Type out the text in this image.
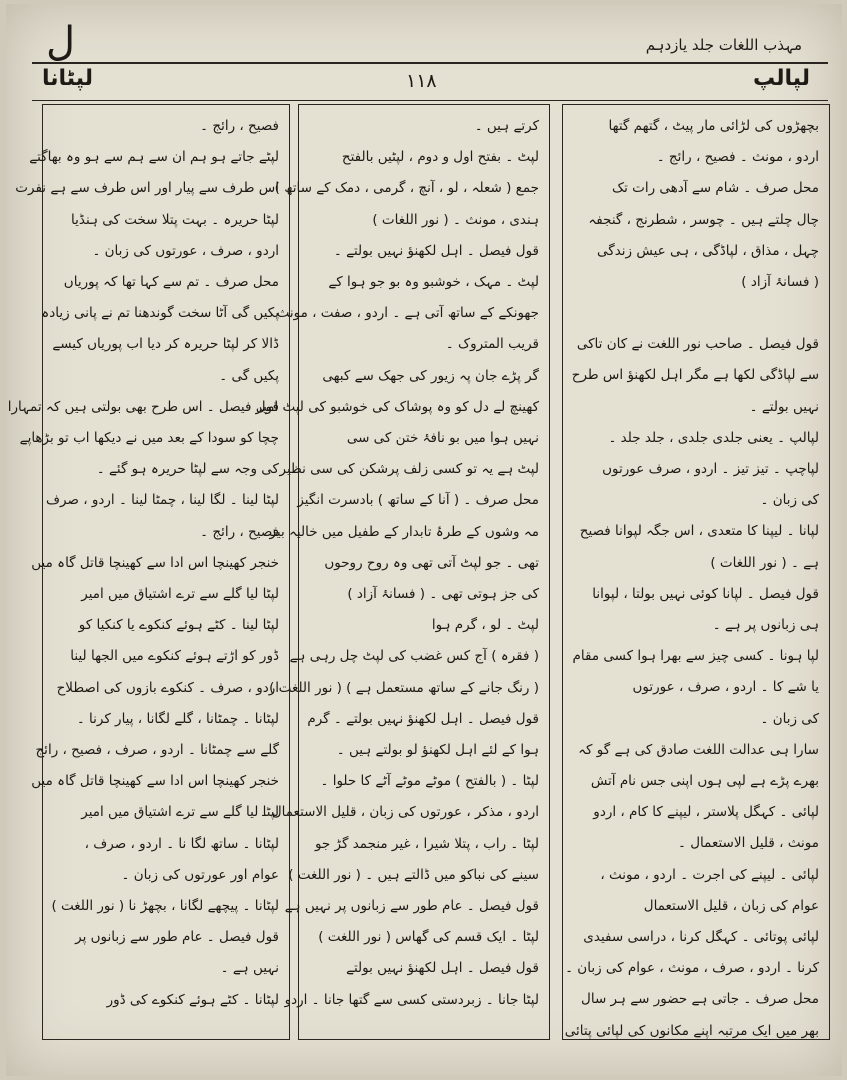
ل	مہذب اللغات جلد یازدہم
لپالپ
۱۱۸
لپٹانا
بچھڑوں کی لڑائی مار پیٹ ، گتھم گتھا
اردو ، مونث ۔ فصیح ، رائج ۔
محل صرف ۔ شام سے آدھی رات تک
چال چلتے ہیں ۔ چوسر ، شطرنج ، گنجفہ
چہل ، مذاق ، لپاڈگی ، ہی عیش زندگی
( فسانۂ آزاد )
قول فیصل ۔ صاحب نور اللغت نے کان تاکی
سے لپاڈگی لکھا ہے مگر اہل لکھنؤ اس طرح
نہیں بولتے ۔
لپالپ ۔ یعنی جلدی جلدی ، جلد جلد ۔
لپاچپ ۔ تیز تیز ۔ اردو ، صرف عورتوں
کی زبان ۔
لپانا ۔ لیپنا کا متعدی ، اس جگہ لپوانا فصیح
ہے ۔ ( نور اللغات )
قول فیصل ۔ لپانا کوئی نہیں بولتا ، لپوانا
ہی زبانوں پر ہے ۔
لپا ہونا ۔ کسی چیز سے بھرا ہوا کسی مقام
یا شے کا ۔ اردو ، صرف ، عورتوں
کی زبان ۔
سارا ہی عدالت اللغت صادق کی ہے گو کہ
بھرے پڑے ہے لپی ہوں اپنی جس نام آتش
لپائی ۔ کہگل پلاستر ، لیپنے کا کام ، اردو
مونث ، قلیل الاستعمال ۔
لپائی ۔ لیپنے کی اجرت ۔ اردو ، مونث ،
عوام کی زبان ، قلیل الاستعمال
لپائی پوتائی ۔ کہگل کرنا ، دراسی سفیدی
کرنا ۔ اردو ، صرف ، مونث ، عوام کی زبان ۔
محل صرف ۔ جاتی ہے حضور سے ہر سال
بھر میں ایک مرتبہ اپنے مکانوں کی لپائی پتائی
کرتے ہیں ۔
لپٹ ۔ بفتح اول و دوم ، لپٹیں بالفتح
جمع ( شعلہ ، لو ، آنچ ، گرمی ، دمک کے ساتھ )
ہندی ، مونث ۔ ( نور اللغات )
قول فیصل ۔ اہل لکھنؤ نہیں بولتے ۔
لپٹ ۔ مہک ، خوشبو وہ بو جو ہوا کے
جھونکے کے ساتھ آتی ہے ۔ اردو ، صفت ، مونث
قریب المتروک ۔
گر پڑے جان پہ زیور کی جھک سے کبھی
کھینچ لے دل کو وہ پوشاک کی خوشبو کی لپٹ امیر
نہیں ہوا میں بو نافۂ ختن کی سی
لپٹ ہے یہ تو کسی زلف پرشکن کی سی نظیر
محل صرف ۔ ( آنا کے ساتھ ) بادسرت انگیز
مہ وشوں کے طرۂ تابدار کے طفیل میں خالیہ بیز
تھی ۔ جو لپٹ آتی تھی وہ روح روحوں
کی جز ہوتی تھی ۔ ( فسانۂ آزاد )
لپٹ ۔ لو ، گرم ہوا
( فقرہ ) آج کس غضب کی لپٹ چل رہی ہے
( رنگ جانے کے ساتھ مستعمل ہے ) ( نور اللغت )
قول فیصل ۔ اہل لکھنؤ نہیں بولتے ۔ گرم
ہوا کے لئے اہل لکھنؤ لو بولتے ہیں ۔
لپٹا ۔ ( بالفتح ) موٹے موٹے آٹے کا حلوا ۔
اردو ، مذکر ، عورتوں کی زبان ، قلیل الاستعمال ۔
لپٹا ۔ راب ، پتلا شیرا ، غیر منجمد گڑ جو
سینے کی نباکو میں ڈالتے ہیں ۔ ( نور اللغت )
قول فیصل ۔ عام طور سے زبانوں پر نہیں ہے
لپٹا ۔ ایک قسم کی گھاس ( نور اللغت )
قول فیصل ۔ اہل لکھنؤ نہیں بولتے
لپٹا جانا ۔ زبردستی کسی سے گتھا جانا ۔ اردو
فصیح ، رائج ۔
لپٹے جاتے ہو ہم ان سے ہم سے ہو وہ بھاگتے
اس طرف سے پیار اور اس طرف سے ہے نفرت
لپٹا حریرہ ۔ بہت پتلا سخت کی ہنڈیا
اردو ، صرف ، عورتوں کی زبان ۔
محل صرف ۔ تم سے کہا تھا کہ پوریاں
پکیں گی آٹا سخت گوندھنا تم نے پانی زیادہ
ڈالا کر لپٹا حریرہ کر دیا اب پوریاں کیسے
پکیں گی ۔
قول فیصل ۔ اس طرح بھی بولتی ہیں کہ تمہارا
چچا کو سودا کے بعد میں نے دیکھا اب تو بڑھاپے
کی وجہ سے لپٹا حریرہ ہو گئے ۔
لپٹا لینا ۔ لگا لینا ، چمٹا لینا ۔ اردو ، صرف
فصیح ، رائج ۔
خنجر کھینچا اس ادا سے کھینچا قاتل گاہ میں
لپٹا لیا گلے سے ترے اشتیاق میں امیر
لپٹا لینا ۔ کٹے ہوئے کنکوے یا کنکیا کو
ڈور کو اڑتے ہوئے کنکوے میں الجھا لینا
اردو ، صرف ۔ کنکوے بازوں کی اصطلاح
لپٹانا ۔ چمٹانا ، گلے لگانا ، پیار کرنا ۔
گلے سے چمٹانا ۔ اردو ، صرف ، فصیح ، رائج
خنجر کھینچا اس ادا سے کھینچا قاتل گاہ میں
لپٹا لیا گلے سے ترے اشتیاق میں امیر
لپٹانا ۔ ساتھ لگا نا ۔ اردو ، صرف ،
عوام اور عورتوں کی زبان ۔
لپٹانا ۔ پیچھے لگانا ، بچھڑ نا ( نور اللغت )
قول فیصل ۔ عام طور سے زبانوں پر
نہیں ہے ۔
لپٹانا ۔ کٹے ہوئے کنکوے کی ڈور
